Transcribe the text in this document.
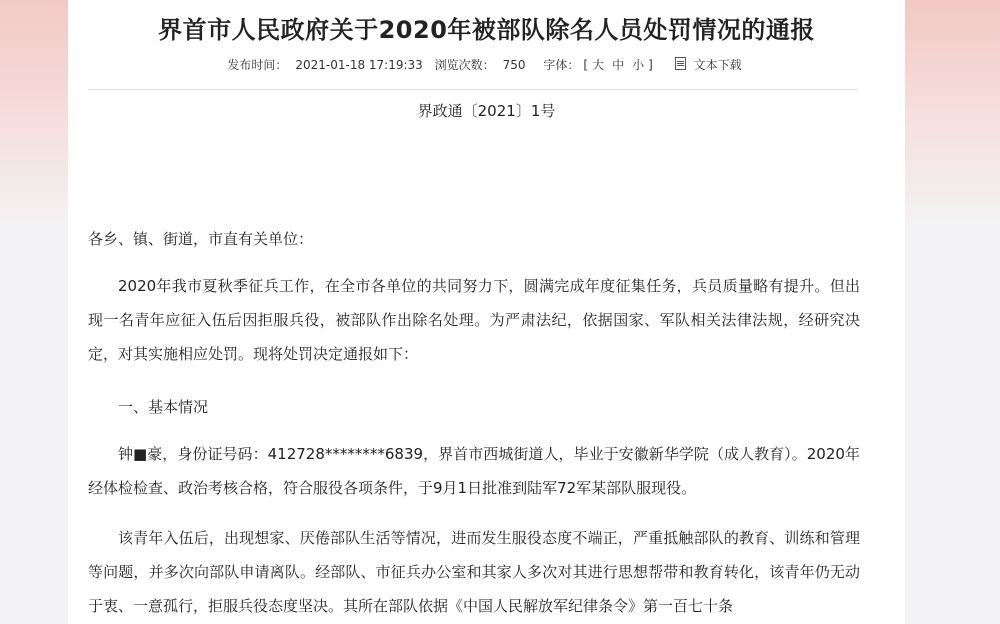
界首市人民政府关于2020年被部队除名人员处罚情况的通报
发布时间： 2021-01-18 17:19:33 浏览次数： 750 字体： [ 大 中 小 ]	文本下载
界政通〔2021〕1号
各乡、镇、街道，市直有关单位：
2020年我市夏秋季征兵工作，在全市各单位的共同努力下，圆满完成年度征集任务，兵员质量略有提升。但出现一名青年应征入伍后因拒服兵役，被部队作出除名处理。为严肃法纪，依据国家、军队相关法律法规，经研究决定，对其实施相应处罚。现将处罚决定通报如下：
一、基本情况
钟■豪，身份证号码：412728********6839，界首市西城街道人，毕业于安徽新华学院（成人教育）。2020年经体检检查、政治考核合格，符合服役各项条件，于9月1日批准到陆军72军某部队服现役。
该青年入伍后，出现想家、厌倦部队生活等情况，进而发生服役态度不端正，严重抵触部队的教育、训练和管理等问题，并多次向部队申请离队。经部队、市征兵办公室和其家人多次对其进行思想帮带和教育转化，该青年仍无动于衷、一意孤行，拒服兵役态度坚决。其所在部队依据《中国人民解放军纪律条令》第一百七十条
